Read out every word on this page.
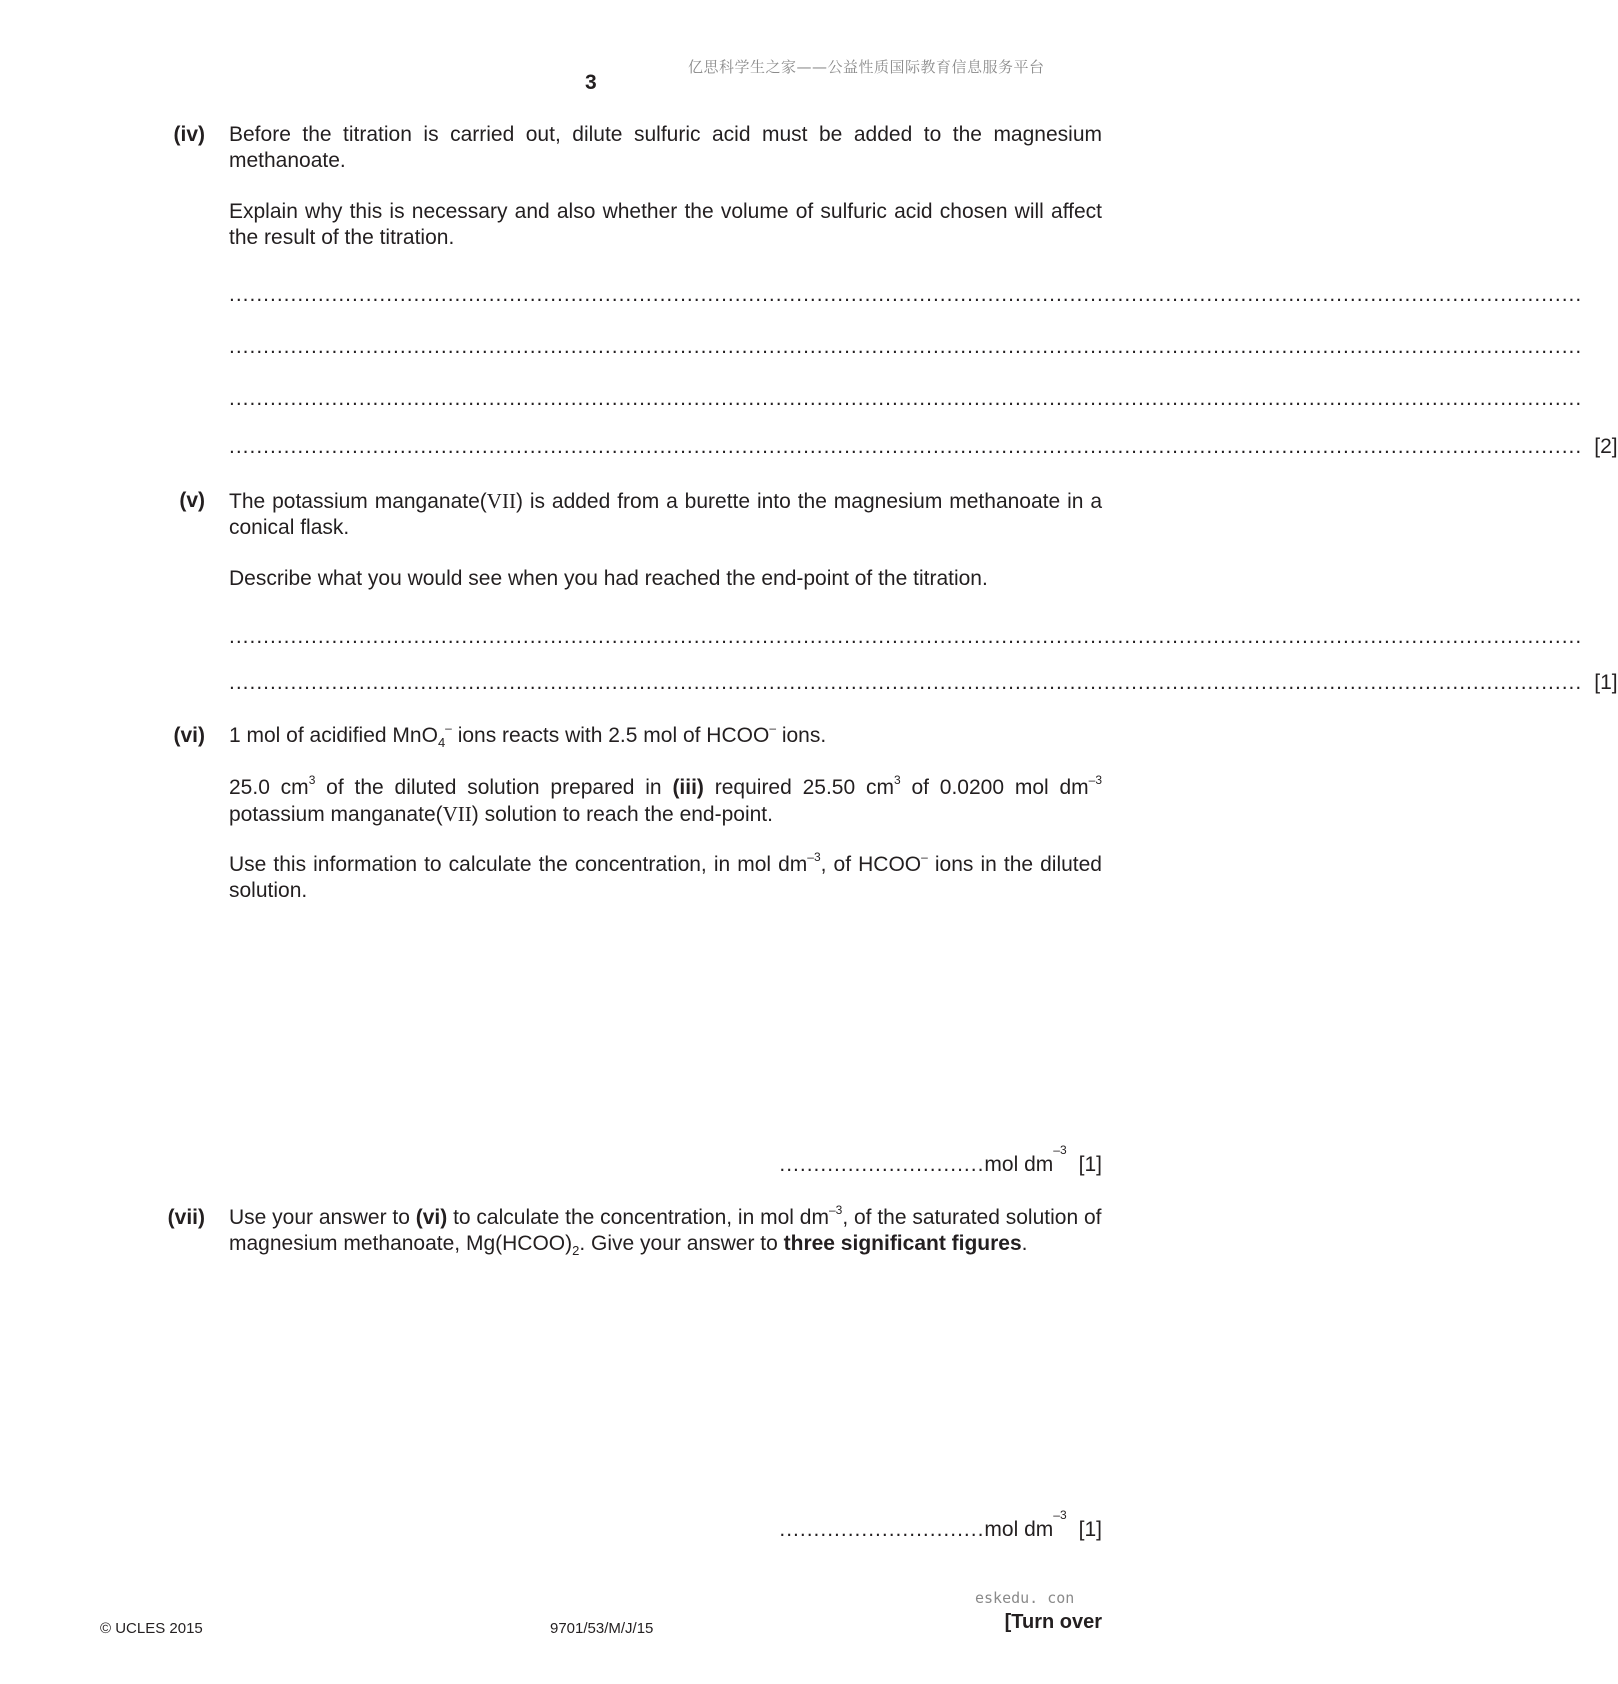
亿思科学生之家——公益性质国际教育信息服务平台
3
(iv) Before the titration is carried out, dilute sulfuric acid must be added to the magnesium methanoate.
Explain why this is necessary and also whether the volume of sulfuric acid chosen will affect the result of the titration.
......................................................................................................................................................................................................
......................................................................................................................................................................................................
......................................................................................................................................................................................................
...................................................................................................................................................................................................... [2]
(v) The potassium manganate(VII) is added from a burette into the magnesium methanoate in a conical flask.
Describe what you would see when you had reached the end-point of the titration.
......................................................................................................................................................................................................
...................................................................................................................................................................................................... [1]
(vi) 1 mol of acidified MnO$_4$– ions reacts with 2.5 mol of HCOO– ions.
25.0 $cm^3$ of the diluted solution prepared in (iii) required 25.50 $cm^3$ of 0.0200 mol $dm^{-3}$ potassium manganate(VII) solution to reach the end-point.
Use this information to calculate the concentration, in mol $dm^{-3}$, of HCOO– ions in the diluted solution.
.............................. mol dm
$^{-3}$
[1]
(vii) Use your answer to (vi) to calculate the concentration, in mol $dm^{-3}$, of the saturated solution of magnesium methanoate, $Mg(HCOO)_2$. Give your answer to three significant figures.
.............................. mol dm
$^{-3}$
[1]
eskedu. con
© UCLES 2015	9701/53/M/J/15	[Turn over
